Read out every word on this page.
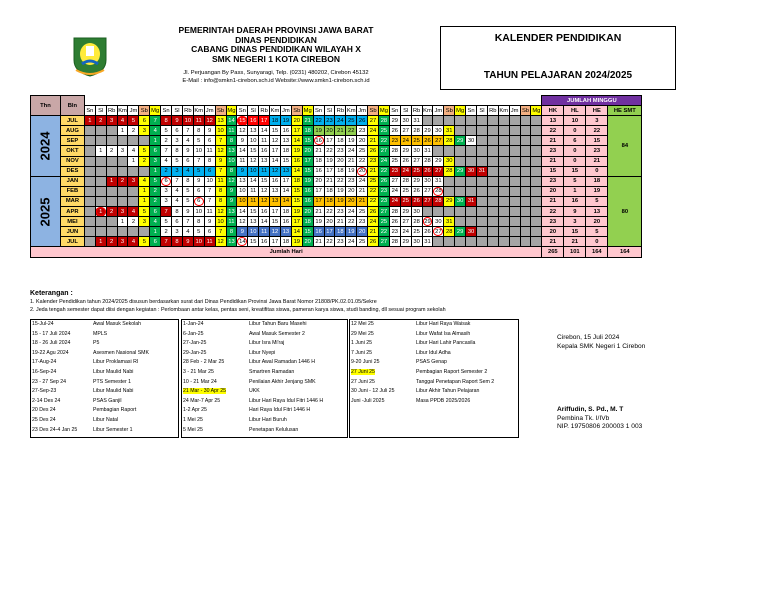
PEMERINTAH DAERAH PROVINSI JAWA BARAT
DINAS PENDIDIKAN
CABANG DINAS PENDIDIKAN WILAYAH X
SMK NEGERI 1 KOTA CIREBON
Jl. Perjuangan By Pass, Sunyaragi, Telp. (0231) 480202, Cirebon 45132
E-Mail : info@smkn1-cirebon.sch.id Website://www.smkn1-cirebon.sch.id
KALENDER PENDIDIKAN
TAHUN PELAJARAN 2024/2025
Thn	Bln																																											JUMLAH MINGGU			
		Sn	Sl	Rb	Km	Jm	Sb	Mg	Sn	Sl	Rb	Km	Jm	Sb	Mg	Sn	Sl	Rb	Km	Jm	Sb	Mg	Sn	Sl	Rb	Km	Jm	Sb	Mg	Sn	Sl	Rb	Km	Jm	Sb	Mg	Sn	Sl	Rb	Km	Jm	Sb	Mg	HK	HL	HE	HE SMT
2024	JUL	1	2	3	4	5	6	7	8	9	10	11	12	13	14	15	16	17	18	19	20	21	22	23	24	25	26	27	28	29	30	31												13	10	3	84
	AUG				1	2	3	4	5	6	7	8	9	10	11	12	13	14	15	16	17	18	19	20	21	22	23	24	25	26	27	28	29	30	31									22	0	22	
	SEP							1	2	3	4	5	6	7	8	9	10	11	12	13	14	15	16	17	18	19	20	21	22	23	24	25	26	27	28	29	30							21	6	15	
	OKT		1	2	3	4	5	6	7	8	9	10	11	12	13	14	15	16	17	18	19	20	21	22	23	24	25	26	27	28	29	30	31											23	0	23	
	NOV					1	2	3	4	5	6	7	8	9	10	11	12	13	14	15	16	17	18	19	20	21	22	23	24	25	26	27	28	29	30									21	0	21	
	DES							1	2	3	4	5	6	7	8	9	10	11	12	13	14	15	16	17	18	19	20	21	22	23	24	25	26	27	28	29	30	31						15	15	0	
2025	JAN			1	2	3	4	5	6	7	8	9	10	11	12	13	14	15	16	17	18	19	20	21	22	23	24	25	26	27	28	29	30	31										23	5	18	80
	FEB						1	2	3	4	5	6	7	8	9	10	11	12	13	14	15	16	17	18	19	20	21	22	23	24	25	26	27	28										20	1	19	
	MAR						1	2	3	4	5	6	7	8	9	10	11	12	13	14	15	16	17	18	19	20	21	22	23	24	25	26	27	28	29	30	31							21	16	5	
	APR		1	2	3	4	5	6	7	8	9	10	11	12	13	14	15	16	17	18	19	20	21	22	23	24	25	26	27	28	29	30												22	9	13	
	MEI				1	2	3	4	5	6	7	8	9	10	11	12	13	14	15	16	17	18	19	20	21	22	23	24	25	26	27	28	29	30	31									23	3	20	
	JUN							1	2	3	4	5	6	7	8	9	10	11	12	13	14	15	16	17	18	19	20	21	22	23	24	25	26	27	28	29	30							20	15	5	
	JUL		1	2	3	4	5	6	7	8	9	10	11	12	13	14	15	16	17	18	19	20	21	22	23	24	25	26	27	28	29	30	31											21	21	0	
Jumlah Hari																																												265	101	164	164
Keterangan :
1. Kalender Pendidikan tahun 2024/2025 disusun berdasarkan surat dari Dinas Pendidikan Provinsi Jawa Barat Nomor 21808/PK.02.01.05/Sekre
2. Jeda tengah semester dapat diisi dengan kegiatan : Perlombaan antar kelas, pentas seni, kreatifitas siswa, pameran karya siswa, studi banding, dll sesuai program sekolah
15-Jul-24	Awal Masuk Sekolah
15 - 17 Juli 2024	MPLS
18 - 26 Juli 2024	P5
19-22 Agu 2024	Asesmen Nasional SMK
17-Aug-24	Libur Proklamasi RI
16-Sep-24	Libur Maulid Nabi
23 - 27 Sep 24	PTS Semester 1
27-Sep-23	Libur Maulid Nabi
2-14 Des 24	PSAS Ganjil
20 Des 24	Pembagian Raport
25 Des 24	Libur Natal
23 Des 24-4 Jan 25	Libur Semester 1
1-Jan-24	Libur Tahun Baru Masehi
6-Jan-25	Awal Masuk Semester 2
27-Jan-25	Libur Isra Mi'raj
29-Jan-25	Libur Nyepi
28 Feb - 2 Mar 25	Libur Awal Ramadan 1446 H
3 - 21 Mar 25	Smartren Ramadan
10 - 21 Mar 24	Penilaian Akhir Jenjang SMK
21 Mar - 30 Apr 25	UKK
24 Mar-7 Apr 25	Libur Hari Raya Idul Fitri 1446 H
1-2 Apr 25	Hari Raya Idul Fitri 1446 H
1 Mei 25	Libur Hari Buruh
5 Mei 25	Penetapan Kelulusan
12 Mei 25	Libur Hari Raya Waisak
29 Mei 25	Libur Wafat Isa Almasih
1 Juni 25	Libur Hari Lahir Pancasila
7 Juni 25	Libur Idul Adha
9-20 Juni 25	PSAS Genap
27 Juni 25	Pembagian Raport Semester 2
27 Juni 25	Tanggal Penetapan Raport Sem 2
30 Juni - 12 Juli 25	Libur Akhir Tahun Pelajaran
Juni -Juli 2025	Masa PPDB 2025/2026
Cirebon, 15 Juli 2024
Kepala SMK Negeri 1 Cirebon
Ariffudin, S. Pd., M. T
Pembina Tk. I/IVb
NIP. 19750806 200003 1 003
